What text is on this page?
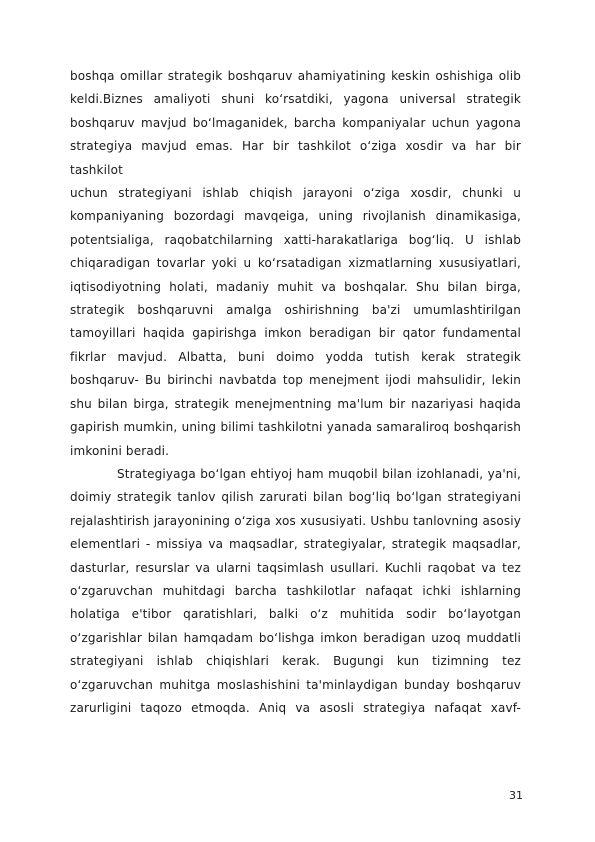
boshqa omillar strategik boshqaruv ahamiyatining keskin oshishiga olib

keldi.Biznes amaliyoti shuni ko‘rsatdiki, yagona universal strategik

boshqaruv mavjud bo‘lmaganidek, barcha kompaniyalar uchun yagona

strategiya mavjud emas. Har bir tashkilot o‘ziga xosdir va har bir tashkilot

uchun strategiyani ishlab chiqish jarayoni o‘ziga xosdir, chunki u

kompaniyaning bozordagi mavqeiga, uning rivojlanish dinamikasiga,

potentsialiga, raqobatchilarning xatti-harakatlariga bog‘liq. U ishlab

chiqaradigan tovarlar yoki u ko‘rsatadigan xizmatlarning xususiyatlari,

iqtisodiyotning holati, madaniy muhit va boshqalar. Shu bilan birga,

strategik boshqaruvni amalga oshirishning ba'zi umumlashtirilgan

tamoyillari haqida gapirishga imkon beradigan bir qator fundamental

fikrlar mavjud. Albatta, buni doimo yodda tutish kerak strategik

boshqaruv- Bu birinchi navbatda top menejment ijodi mahsulidir, lekin

shu bilan birga, strategik menejmentning ma'lum bir nazariyasi haqida

gapirish mumkin, uning bilimi tashkilotni yanada samaraliroq boshqarish

imkonini beradi.

Strategiyaga bo‘lgan ehtiyoj ham muqobil bilan izohlanadi, ya'ni,

doimiy strategik tanlov qilish zarurati bilan bog‘liq bo‘lgan strategiyani

rejalashtirish jarayonining o‘ziga xos xususiyati. Ushbu tanlovning asosiy

elementlari - missiya va maqsadlar, strategiyalar, strategik maqsadlar,

dasturlar, resurslar va ularni taqsimlash usullari. Kuchli raqobat va tez

o‘zgaruvchan muhitdagi barcha tashkilotlar nafaqat ichki ishlarning

holatiga e'tibor qaratishlari, balki o‘z muhitida sodir bo‘layotgan

o‘zgarishlar bilan hamqadam bo‘lishga imkon beradigan uzoq muddatli

strategiyani ishlab chiqishlari kerak. Bugungi kun tizimning tez

o‘zgaruvchan muhitga moslashishini ta'minlaydigan bunday boshqaruv

zarurligini taqozo etmoqda. Aniq va asosli strategiya nafaqat xavf-

31
